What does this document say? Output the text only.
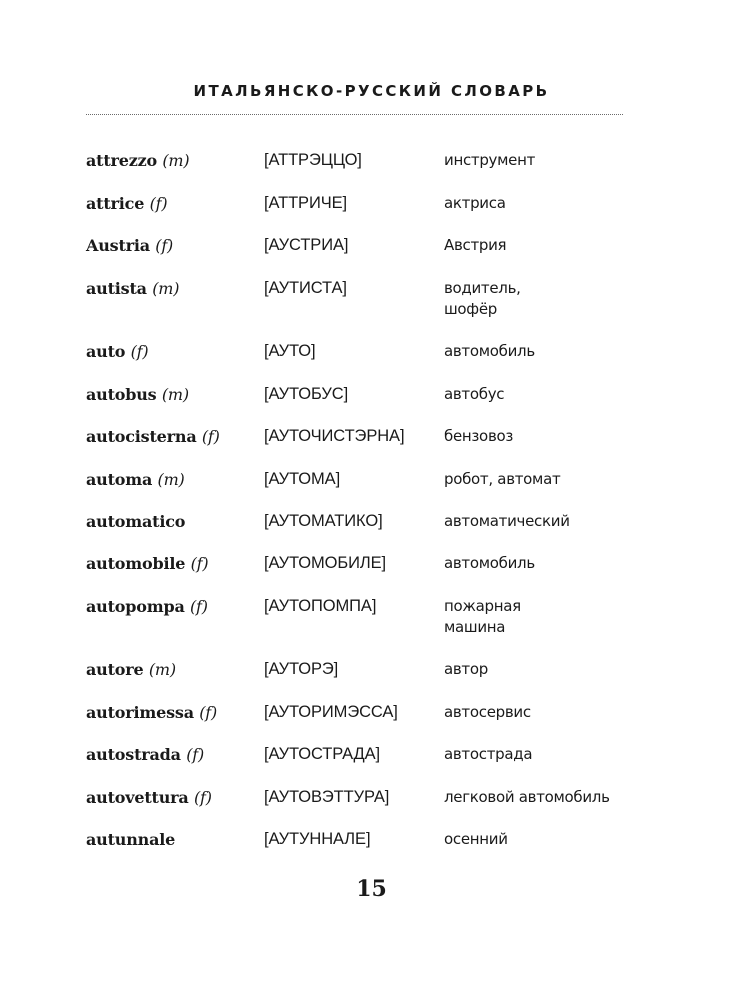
ИТАЛЬЯНСКО-РУССКИЙ СЛОВАРЬ
attrezzo (m)	[АТТРЭЦЦО]	инструмент
attrice (f)	[АТТРИЧЕ]	актриса
Austria (f)	[АУСТРИА]	Австрия
autista (m)	[АУТИСТА]	водитель,
шофёр
auto (f)	[АУТО]	автомобиль
autobus (m)	[АУТОБУС]	автобус
autocisterna (f)	[АУТОЧИСТЭРНА]	бензовоз
automa (m)	[АУТОМА]	робот, автомат
automatico	[АУТОМАТИКО]	автоматический
automobile (f)	[АУТОМОБИЛЕ]	автомобиль
autopompa (f)	[АУТОПОМПА]	пожарная
машина
autore (m)	[АУТОРЭ]	автор
autorimessa (f)	[АУТОРИМЭССА]	автосервис
autostrada (f)	[АУТОСТРАДА]	автострада
autovettura (f)	[АУТОВЭТТУРА]	легковой автомобиль
autunnale	[АУТУННАЛЕ]	осенний
15
